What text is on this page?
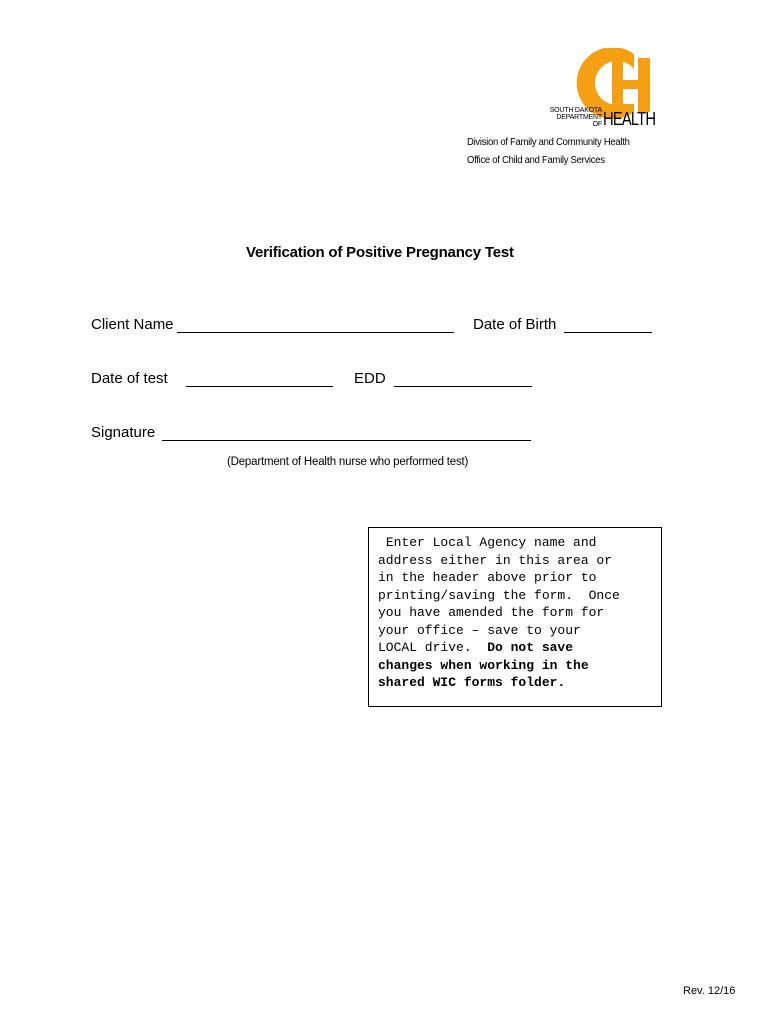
SOUTH DAKOTA
DEPARTMENT OF HEALTH
Division of Family and Community Health
Office of Child and Family Services
Verification of Positive Pregnancy Test
Client Name	Date of Birth
Date of test	EDD
Signature
(Department of Health nurse who performed test)
Enter Local Agency name and
address either in this area or
in the header above prior to
printing/saving the form.  Once
you have amended the form for
your office – save to your
LOCAL drive.  Do not save
changes when working in the
shared WIC forms folder.
Rev. 12/16
